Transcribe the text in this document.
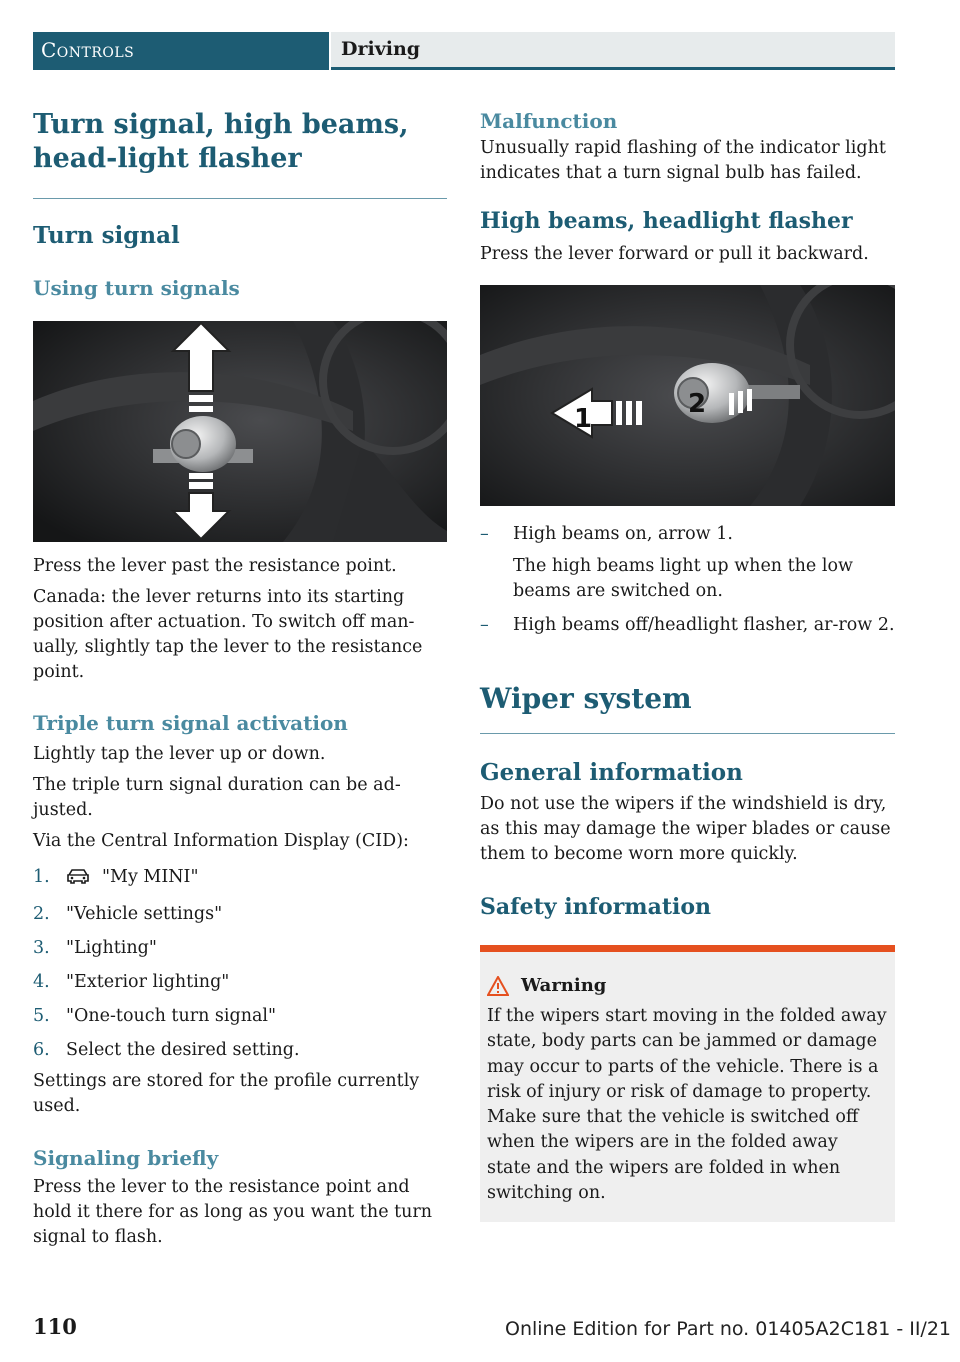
Controls	Driving
Turn signal, high beams, head-light flasher
Turn signal
Using turn signals

Press the lever past the resistance point.

Canada: the lever returns into its starting position after actuation. To switch off man-ually, slightly tap the lever to the resistance point.

Triple turn signal activation

Lightly tap the lever up or down.

The triple turn signal duration can be ad-justed.

Via the Central Information Display (CID):

1.	"My MINI"
2. "Vehicle settings"
3. "Lighting"
4. "Exterior lighting"
5. "One-touch turn signal"
6. Select the desired setting.

Settings are stored for the profile currently used.

Signaling briefly

Press the lever to the resistance point and hold it there for as long as you want the turn signal to flash.

Malfunction

Unusually rapid flashing of the indicator light indicates that a turn signal bulb has failed.

High beams, headlight flasher

Press the lever forward or pull it backward.

1	2
– High beams on, arrow 1.
The high beams light up when the low beams are switched on.
– High beams off/headlight flasher, ar-row 2.
Wiper system
General information

Do not use the wipers if the windshield is dry, as this may damage the wiper blades or cause them to become worn more quickly.

Safety information
Warning

If the wipers start moving in the folded away state, body parts can be jammed or damage may occur to parts of the vehicle. There is a risk of injury or risk of damage to property. Make sure that the vehicle is switched off when the wipers are in the folded away state and the wipers are folded in when switching on.

110	Online Edition for Part no. 01405A2C181 - II/21
